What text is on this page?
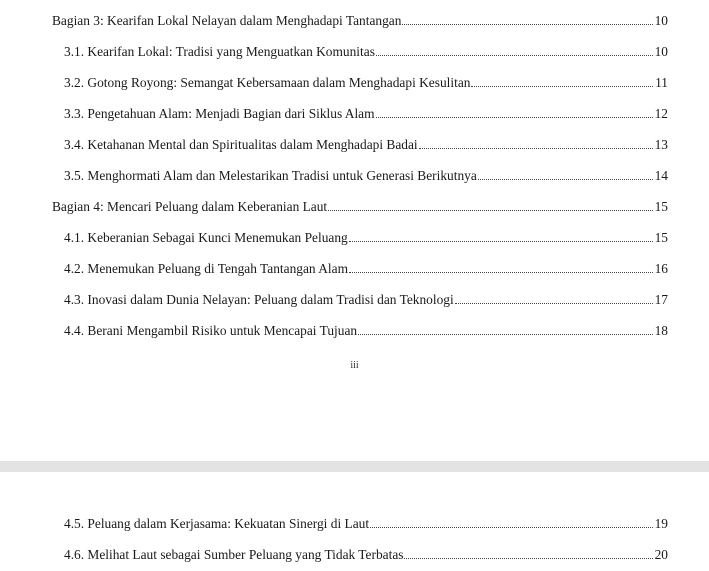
Bagian 3: Kearifan Lokal Nelayan dalam Menghadapi Tantangan	10
3.1. Kearifan Lokal: Tradisi yang Menguatkan Komunitas	10
3.2. Gotong Royong: Semangat Kebersamaan dalam Menghadapi Kesulitan	11
3.3. Pengetahuan Alam: Menjadi Bagian dari Siklus Alam	12
3.4. Ketahanan Mental dan Spiritualitas dalam Menghadapi Badai	13
3.5. Menghormati Alam dan Melestarikan Tradisi untuk Generasi Berikutnya	14
Bagian 4: Mencari Peluang dalam Keberanian Laut	15
4.1. Keberanian Sebagai Kunci Menemukan Peluang	15
4.2. Menemukan Peluang di Tengah Tantangan Alam	16
4.3. Inovasi dalam Dunia Nelayan: Peluang dalam Tradisi dan Teknologi	17
4.4. Berani Mengambil Risiko untuk Mencapai Tujuan	18
iii
4.5. Peluang dalam Kerjasama: Kekuatan Sinergi di Laut	19
4.6. Melihat Laut sebagai Sumber Peluang yang Tidak Terbatas	20
